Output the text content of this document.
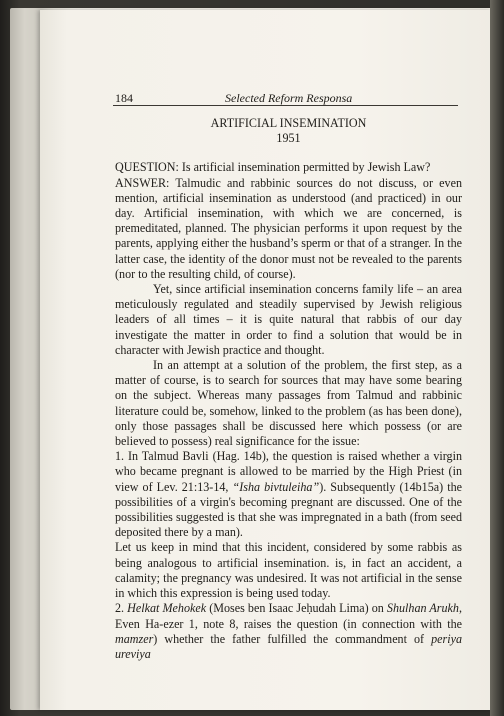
184	Selected Reform Responsa

ARTIFICIAL INSEMINATION

1951

QUESTION: Is artificial insemination permitted by Jewish Law?

ANSWER: Talmudic and rabbinic sources do not discuss, or even mention, artificial insemination as understood (and practiced) in our day. Artificial insemination, with which we are concerned, is premeditated, planned. The physician performs it upon request by the parents, applying either the husband’s sperm or that of a stranger. In the latter case, the identity of the donor must not be revealed to the parents (nor to the resulting child, of course).

Yet, since artificial insemination concerns family life – an area meticulously regulated and steadily supervised by Jewish religious leaders of all times – it is quite natural that rabbis of our day investigate the matter in order to find a solution that would be in character with Jewish practice and thought.

In an attempt at a solution of the problem, the first step, as a matter of course, is to search for sources that may have some bearing on the subject. Whereas many passages from Talmud and rabbinic literature could be, somehow, linked to the problem (as has been done), only those passages shall be discussed here which possess (or are believed to possess) real significance for the issue:

1. In Talmud Bavli (Hag. 14b), the question is raised whether a virgin who became pregnant is allowed to be married by the High Priest (in view of Lev. 21:13-14, “Isha bivtuleiha”). Subsequently (14b15a) the possibilities of a virgin's becoming pregnant are discussed. One of the possibilities suggested is that she was impregnated in a bath (from seed deposited there by a man).

Let us keep in mind that this incident, considered by some rabbis as being analogous to artificial insemination. is, in fact an accident, a calamity; the pregnancy was undesired. It was not artificial in the sense in which this expression is being used today.

2. Helkat Mehokek (Moses ben Isaac Jeḥudah Lima) on Shulhan Arukh, Even Ha-ezer 1, note 8, raises the question (in connection with the mamzer) whether the father fulfilled the commandment of periya ureviya
